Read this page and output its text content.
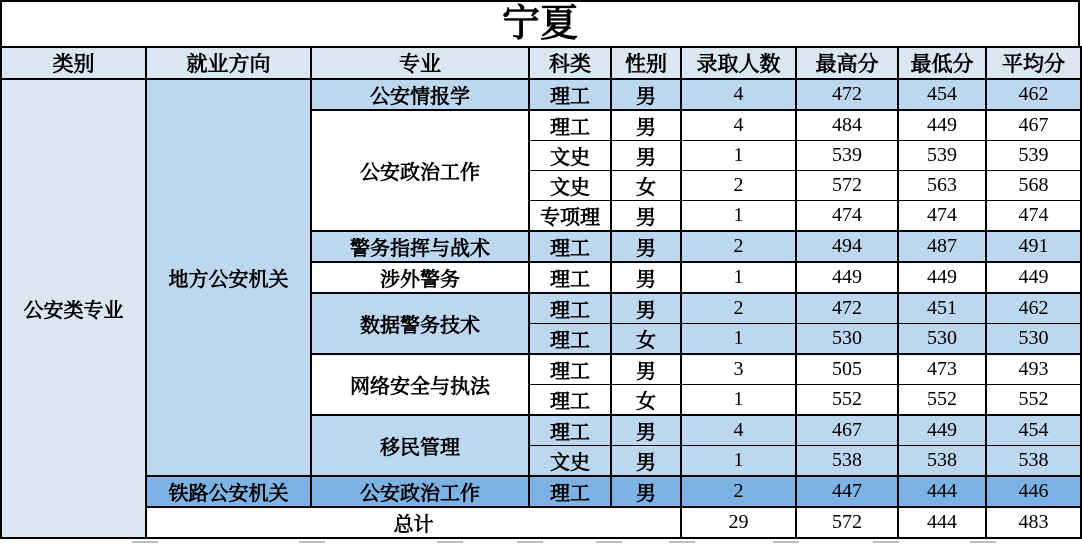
宁夏
类别	就业方向	专业	科类	性别	录取人数	最高分	最低分	平均分
公安类专业	地方公安机关	公安情报学	理工	男	4	472	454	462
		公安政治工作	理工	男	4	484	449	467
			文史	男	1	539	539	539
			文史	女	2	572	563	568
			专项理	男	1	474	474	474
		警务指挥与战术	理工	男	2	494	487	491
		涉外警务	理工	男	1	449	449	449
		数据警务技术	理工	男	2	472	451	462
			理工	女	1	530	530	530
		网络安全与执法	理工	男	3	505	473	493
			理工	女	1	552	552	552
		移民管理	理工	男	4	467	449	454
			文史	男	1	538	538	538
	铁路公安机关	公安政治工作	理工	男	2	447	444	446
	总计				29	572	444	483
